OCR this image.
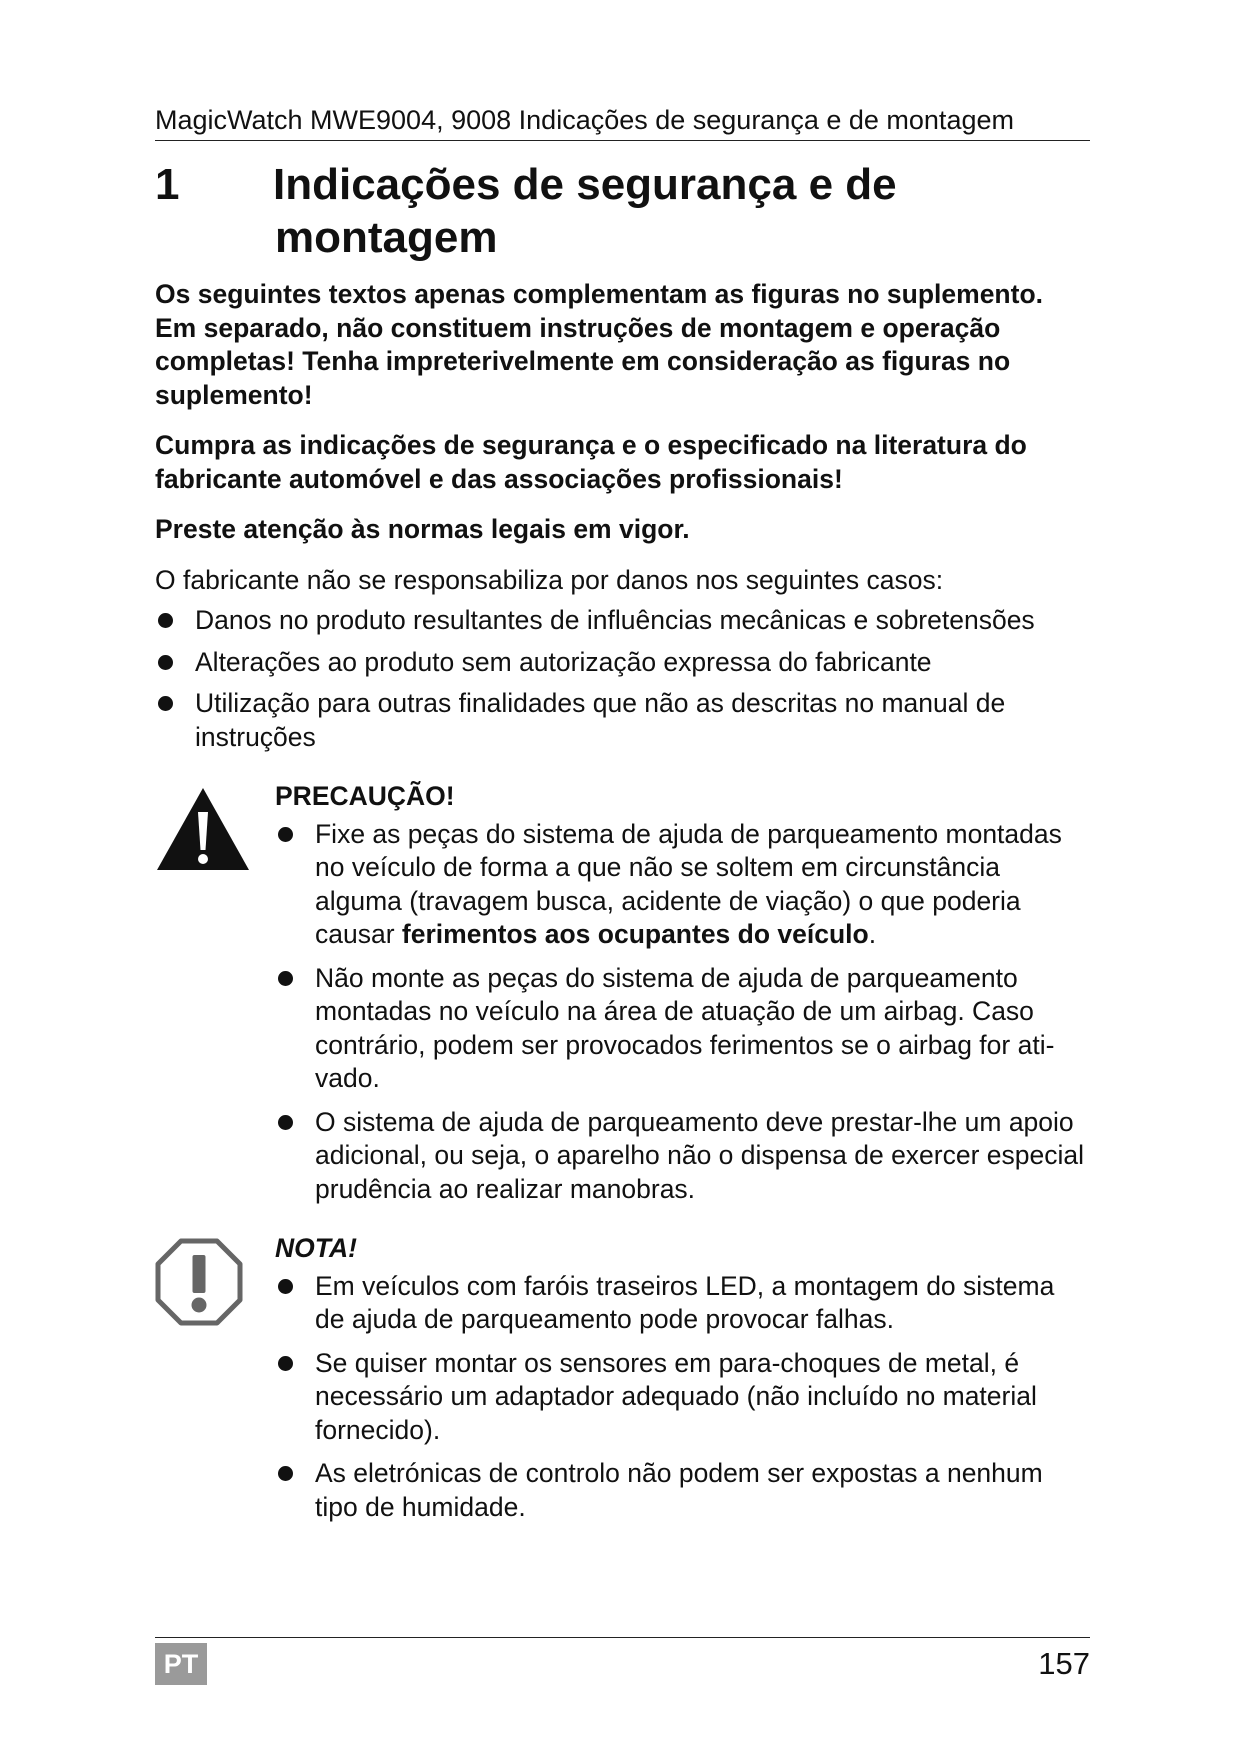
MagicWatch MWE9004, 9008 Indicações de segurança e de montagem
1 Indicações de segurança e de
montagem

Os seguintes textos apenas complementam as figuras no suplemento. Em separado, não constituem instruções de montagem e operação completas! Tenha impreterivelmente em consideração as figuras no suplemento!

Cumpra as indicações de segurança e o especificado na literatura do fabricante automóvel e das associações profissionais!

Preste atenção às normas legais em vigor.

O fabricante não se responsabiliza por danos nos seguintes casos:

Danos no produto resultantes de influências mecânicas e sobretensões
Alterações ao produto sem autorização expressa do fabricante
Utilização para outras finalidades que não as descritas no manual de instruções

PRECAUÇÃO!

Fixe as peças do sistema de ajuda de parqueamento montadas no veículo de forma a que não se soltem em circunstância alguma (travagem busca, acidente de viação) o que poderia causar ferimentos aos ocupantes do veículo.
Não monte as peças do sistema de ajuda de parqueamento montadas no veículo na área de atuação de um airbag. Caso contrário, podem ser provocados ferimentos se o airbag for ati-vado.
O sistema de ajuda de parqueamento deve prestar-lhe um apoio adicional, ou seja, o aparelho não o dispensa de exercer especial prudência ao realizar manobras.

NOTA!

Em veículos com faróis traseiros LED, a montagem do sistema de ajuda de parqueamento pode provocar falhas.
Se quiser montar os sensores em para-choques de metal, é necessário um adaptador adequado (não incluído no material fornecido).
As eletrónicas de controlo não podem ser expostas a nenhum tipo de humidade.
PT	157
